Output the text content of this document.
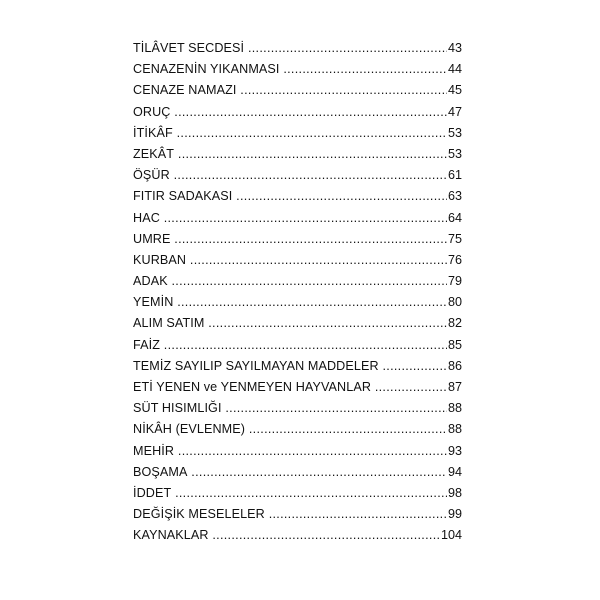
TİLÂVET SECDESİ .....	43
CENAZENİN YIKANMASI .....	44
CENAZE NAMAZI .....	45
ORUÇ .....	47
İTİKÂF .....	53
ZEKÂT .....	53
ÖŞÜR .....	61
FITIR SADAKASI .....	63
HAC .....	64
UMRE .....	75
KURBAN .....	76
ADAK .....	79
YEMİN .....	80
ALIM SATIM .....	82
FAİZ .....	85
TEMİZ SAYILIP SAYILMAYAN MADDELER .....	86
ETİ YENEN ve YENMEYEN HAYVANLAR .....	87
SÜT HISIMLIĞI .....	88
NİKÂH (EVLENME) .....	88
MEHİR .....	93
BOŞAMA .....	94
İDDET .....	98
DEĞİŞİK MESELELER .....	99
KAYNAKLAR .....	104
